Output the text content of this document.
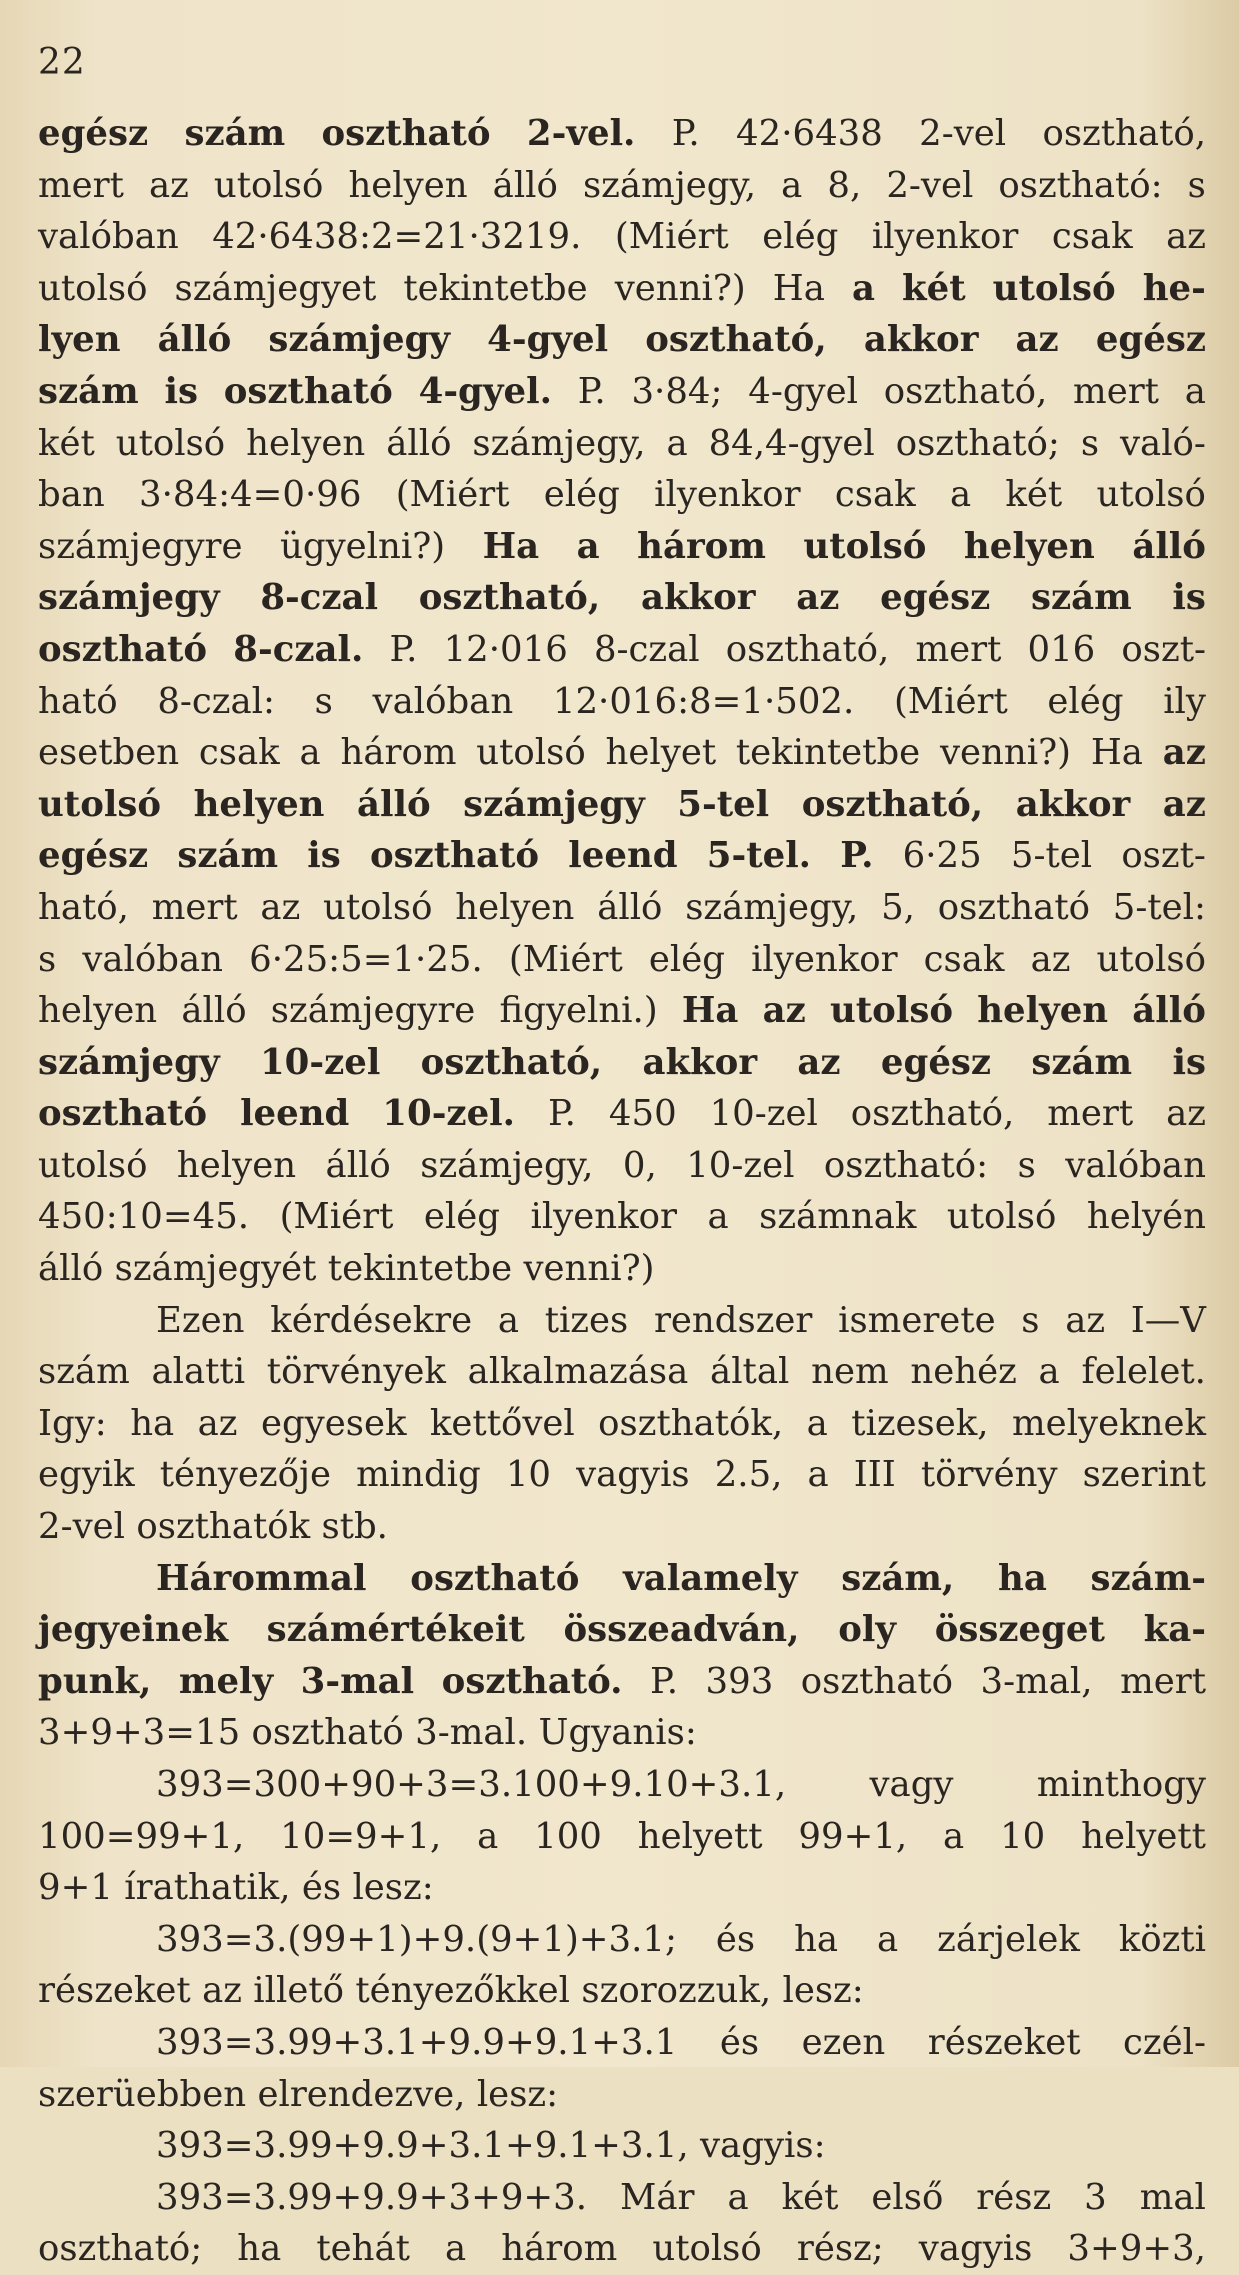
22
egész szám osztható 2-vel. P. 42·6438 2-vel osztható,
mert az utolsó helyen álló számjegy, a 8, 2-vel osztható: s
valóban 42·6438:2=21·3219. (Miért elég ilyenkor csak az
utolsó számjegyet tekintetbe venni?) Ha a két utolsó he-
lyen álló számjegy 4-gyel osztható, akkor az egész
szám is osztható 4-gyel. P. 3·84; 4-gyel osztható, mert a
két utolsó helyen álló számjegy, a 84,4-gyel osztható; s való-
ban 3·84:4=0·96 (Miért elég ilyenkor csak a két utolsó
számjegyre ügyelni?) Ha a három utolsó helyen álló
számjegy 8-czal osztható, akkor az egész szám is
osztható 8-czal. P. 12·016 8-czal osztható, mert 016 oszt-
ható 8-czal: s valóban 12·016:8=1·502. (Miért elég ily
esetben csak a három utolsó helyet tekintetbe venni?) Ha az
utolsó helyen álló számjegy 5-tel osztható, akkor az
egész szám is osztható leend 5-tel. P. 6·25 5-tel oszt-
ható, mert az utolsó helyen álló számjegy, 5, osztható 5-tel:
s valóban 6·25:5=1·25. (Miért elég ilyenkor csak az utolsó
helyen álló számjegyre figyelni.) Ha az utolsó helyen álló
számjegy 10-zel osztható, akkor az egész szám is
osztható leend 10-zel. P. 450 10-zel osztható, mert az
utolsó helyen álló számjegy, 0, 10-zel osztható: s valóban
450:10=45. (Miért elég ilyenkor a számnak utolsó helyén
álló számjegyét tekintetbe venni?)
Ezen kérdésekre a tizes rendszer ismerete s az I—V
szám alatti törvények alkalmazása által nem nehéz a felelet.
Igy: ha az egyesek kettővel oszthatók, a tizesek, melyeknek
egyik tényezője mindig 10 vagyis 2.5, a III törvény szerint
2-vel oszthatók stb.
Hárommal osztható valamely szám, ha szám-
jegyeinek számértékeit összeadván, oly összeget ka-
punk, mely 3-mal osztható. P. 393 osztható 3-mal, mert
3+9+3=15 osztható 3-mal. Ugyanis:
393=300+90+3=3.100+9.10+3.1, vagy minthogy
100=99+1, 10=9+1, a 100 helyett 99+1, a 10 helyett
9+1 írathatik, és lesz:
393=3.(99+1)+9.(9+1)+3.1; és ha a zárjelek közti
részeket az illető tényezőkkel szorozzuk, lesz:
393=3.99+3.1+9.9+9.1+3.1 és ezen részeket czél-
szerüebben elrendezve, lesz:
393=3.99+9.9+3.1+9.1+3.1, vagyis:
393=3.99+9.9+3+9+3. Már a két első rész 3 mal
osztható; ha tehát a három utolsó rész; vagyis 3+9+3,
